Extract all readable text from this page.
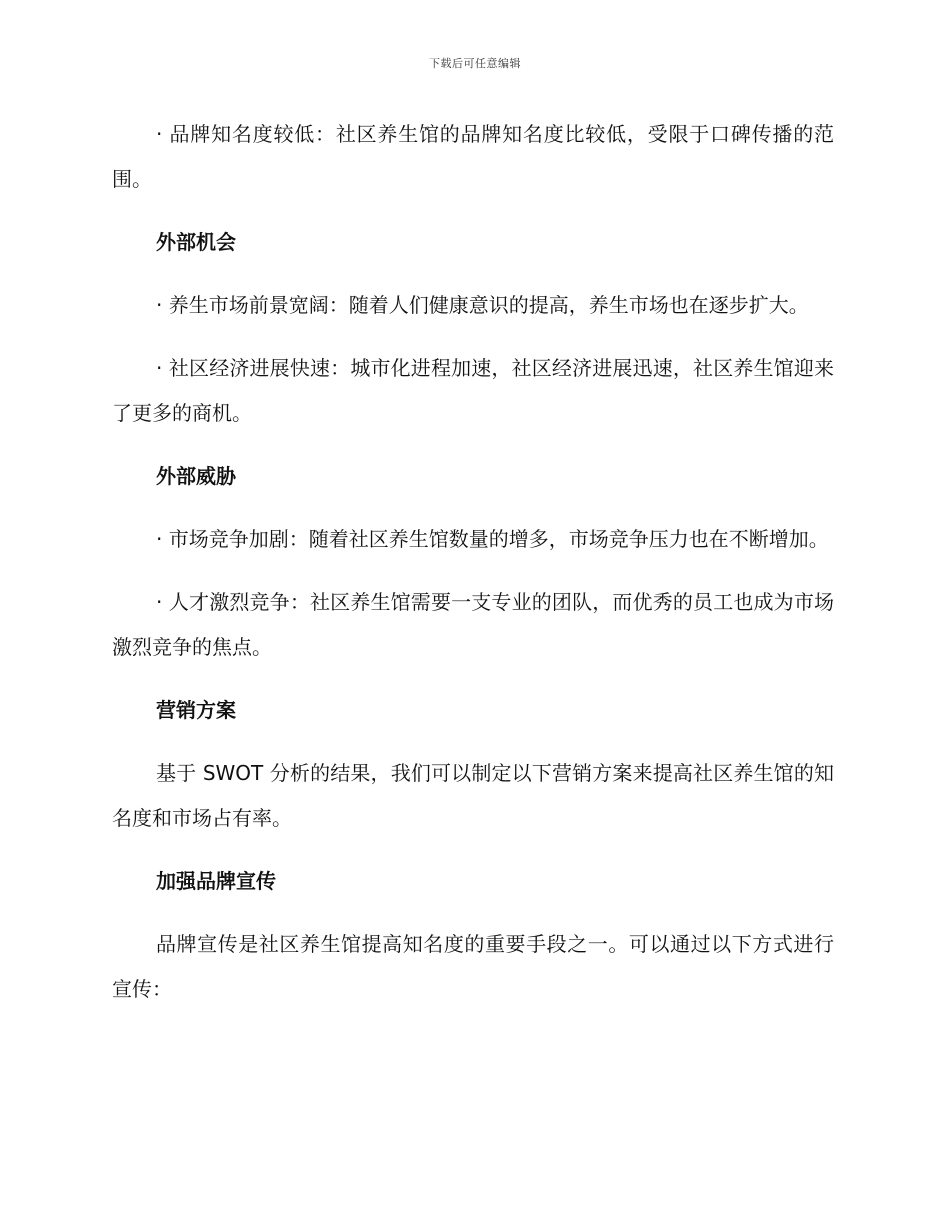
下载后可任意编辑

· 品牌知名度较低：社区养生馆的品牌知名度比较低，受限于口碑传播的范围。

外部机会

· 养生市场前景宽阔：随着人们健康意识的提高，养生市场也在逐步扩大。

· 社区经济进展快速：城市化进程加速，社区经济进展迅速，社区养生馆迎来了更多的商机。

外部威胁

· 市场竞争加剧：随着社区养生馆数量的增多，市场竞争压力也在不断增加。

· 人才激烈竞争：社区养生馆需要一支专业的团队，而优秀的员工也成为市场激烈竞争的焦点。

营销方案

基于 SWOT 分析的结果，我们可以制定以下营销方案来提高社区养生馆的知名度和市场占有率。

加强品牌宣传

品牌宣传是社区养生馆提高知名度的重要手段之一。可以通过以下方式进行宣传：
